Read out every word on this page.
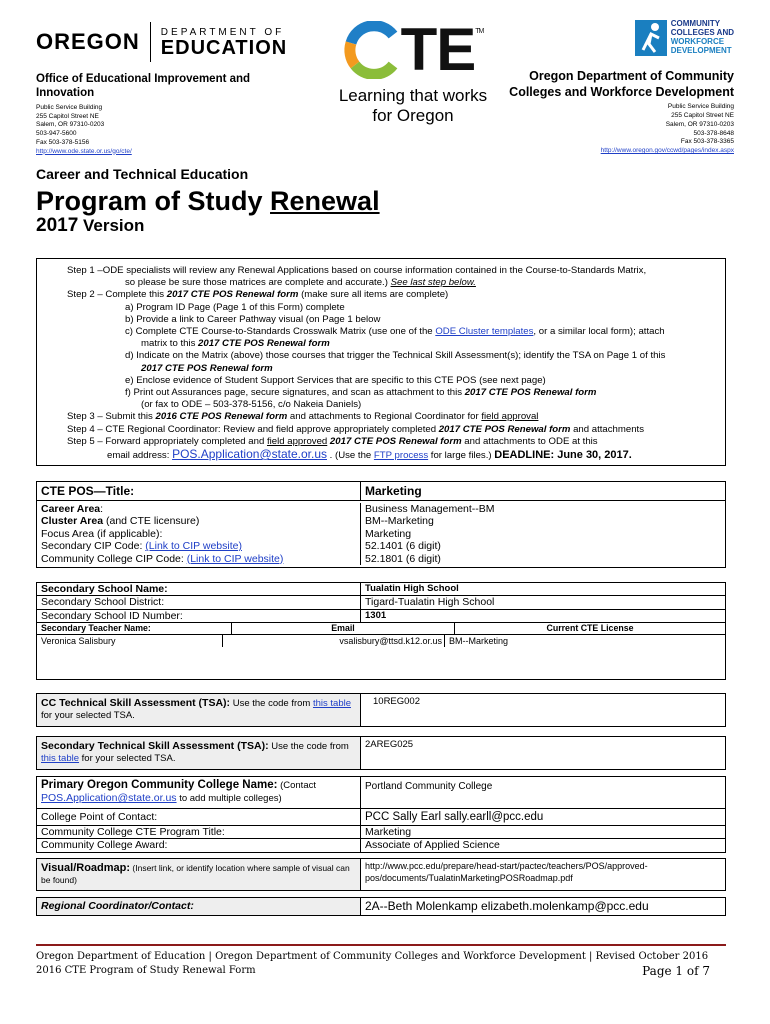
OREGON DEPARTMENT OF
EDUCATION
Office of Educational Improvement and Innovation
Public Service Building
255 Capitol Street NE
Salem, OR 97310-0203
503-947-5600
Fax 503-378-5156
http://www.ode.state.or.us/go/cte/
TE™
Learning that works
for Oregon
COMMUNITY
COLLEGES AND
WORKFORCE
DEVELOPMENT
Oregon Department of Community Colleges and Workforce Development
Public Service Building
255 Capitol Street NE
Salem, OR 97310-0203
503-378-8648
Fax 503-378-3365
http://www.oregon.gov/ccwd/pages/index.aspx
Career and Technical Education
Program of Study Renewal
2017 Version
Step 1 –ODE specialists will review any Renewal Applications based on course information contained in the Course-to-Standards Matrix,
so please be sure those matrices are complete and accurate.) See last step below.
Step 2 – Complete this 2017 CTE POS Renewal form (make sure all items are complete)
a) Program ID Page (Page 1 of this Form) complete
b) Provide a link to Career Pathway visual (on Page 1 below
c) Complete CTE Course-to-Standards Crosswalk Matrix (use one of the ODE Cluster templates, or a similar local form); attach
matrix to this 2017 CTE POS Renewal form
d) Indicate on the Matrix (above) those courses that trigger the Technical Skill Assessment(s); identify the TSA on Page 1 of this
2017 CTE POS Renewal form
e) Enclose evidence of Student Support Services that are specific to this CTE POS (see next page)
f) Print out Assurances page, secure signatures, and scan as attachment to this 2017 CTE POS Renewal form
(or fax to ODE – 503-378-5156, c/o Nakeia Daniels)
Step 3 – Submit this 2016 CTE POS Renewal form and attachments to Regional Coordinator for field approval
Step 4 – CTE Regional Coordinator: Review and field approve appropriately completed 2017 CTE POS Renewal form and attachments
Step 5 – Forward appropriately completed and field approved 2017 CTE POS Renewal form and attachments to ODE at this
email address: POS.Application@state.or.us . (Use the FTP process for large files.) DEADLINE: June 30, 2017.
CTE POS—Title:	Marketing
Career Area:	Business Management--BM
Cluster Area (and CTE licensure)	BM--Marketing
Focus Area (if applicable):	Marketing
Secondary CIP Code: (Link to CIP website)	52.1401 (6 digit)
Community College CIP Code: (Link to CIP website)	52.1801 (6 digit)
Secondary School Name:	Tualatin High School
Secondary School District:	Tigard-Tualatin High School
Secondary School ID Number:	1301
Secondary Teacher Name:	Email	Current CTE License
Veronica Salisbury	vsalisbury@ttsd.k12.or.us BM--Marketing
CC Technical Skill Assessment (TSA): Use the code from this table for your selected TSA.
10REG002
Secondary Technical Skill Assessment (TSA): Use the code from this table for your selected TSA.
2AREG025
Primary Oregon Community College Name: (Contact
POS.Application@state.or.us to add multiple colleges)
Portland Community College
College Point of Contact:	PCC Sally Earl sally.earll@pcc.edu
Community College CTE Program Title:	Marketing
Community College Award:	Associate of Applied Science
Visual/Roadmap: (Insert link, or identify location where sample of visual can be found)
http://www.pcc.edu/prepare/head-start/pactec/teachers/POS/approved-
pos/documents/TualatinMarketingPOSRoadmap.pdf
Regional Coordinator/Contact:	2A--Beth Molenkamp elizabeth.molenkamp@pcc.edu
Oregon Department of Education | Oregon Department of Community Colleges and Workforce Development | Revised October 2016
2016 CTE Program of Study Renewal Form	Page 1 of 7
